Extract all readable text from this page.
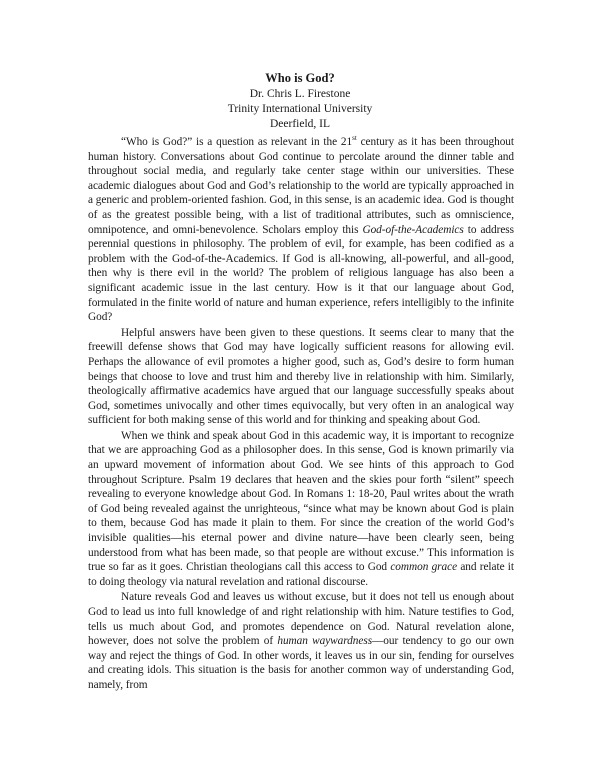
Who is God?

Dr. Chris L. Firestone

Trinity International University

Deerfield, IL

“Who is God?” is a question as relevant in the 21st century as it has been throughout human history. Conversations about God continue to percolate around the dinner table and throughout social media, and regularly take center stage within our universities. These academic dialogues about God and God’s relationship to the world are typically approached in a generic and problem-oriented fashion. God, in this sense, is an academic idea. God is thought of as the greatest possible being, with a list of traditional attributes, such as omniscience, omnipotence, and omni-benevolence. Scholars employ this God-of-the-Academics to address perennial questions in philosophy. The problem of evil, for example, has been codified as a problem with the God-of-the-Academics. If God is all-knowing, all-powerful, and all-good, then why is there evil in the world? The problem of religious language has also been a significant academic issue in the last century. How is it that our language about God, formulated in the finite world of nature and human experience, refers intelligibly to the infinite God?

Helpful answers have been given to these questions. It seems clear to many that the freewill defense shows that God may have logically sufficient reasons for allowing evil. Perhaps the allowance of evil promotes a higher good, such as, God’s desire to form human beings that choose to love and trust him and thereby live in relationship with him. Similarly, theologically affirmative academics have argued that our language successfully speaks about God, sometimes univocally and other times equivocally, but very often in an analogical way sufficient for both making sense of this world and for thinking and speaking about God.

When we think and speak about God in this academic way, it is important to recognize that we are approaching God as a philosopher does. In this sense, God is known primarily via an upward movement of information about God. We see hints of this approach to God throughout Scripture. Psalm 19 declares that heaven and the skies pour forth “silent” speech revealing to everyone knowledge about God. In Romans 1: 18-20, Paul writes about the wrath of God being revealed against the unrighteous, “since what may be known about God is plain to them, because God has made it plain to them. For since the creation of the world God’s invisible qualities—his eternal power and divine nature—have been clearly seen, being understood from what has been made, so that people are without excuse.” This information is true so far as it goes. Christian theologians call this access to God common grace and relate it to doing theology via natural revelation and rational discourse.

Nature reveals God and leaves us without excuse, but it does not tell us enough about God to lead us into full knowledge of and right relationship with him. Nature testifies to God, tells us much about God, and promotes dependence on God. Natural revelation alone, however, does not solve the problem of human waywardness—our tendency to go our own way and reject the things of God. In other words, it leaves us in our sin, fending for ourselves and creating idols. This situation is the basis for another common way of understanding God, namely, from
